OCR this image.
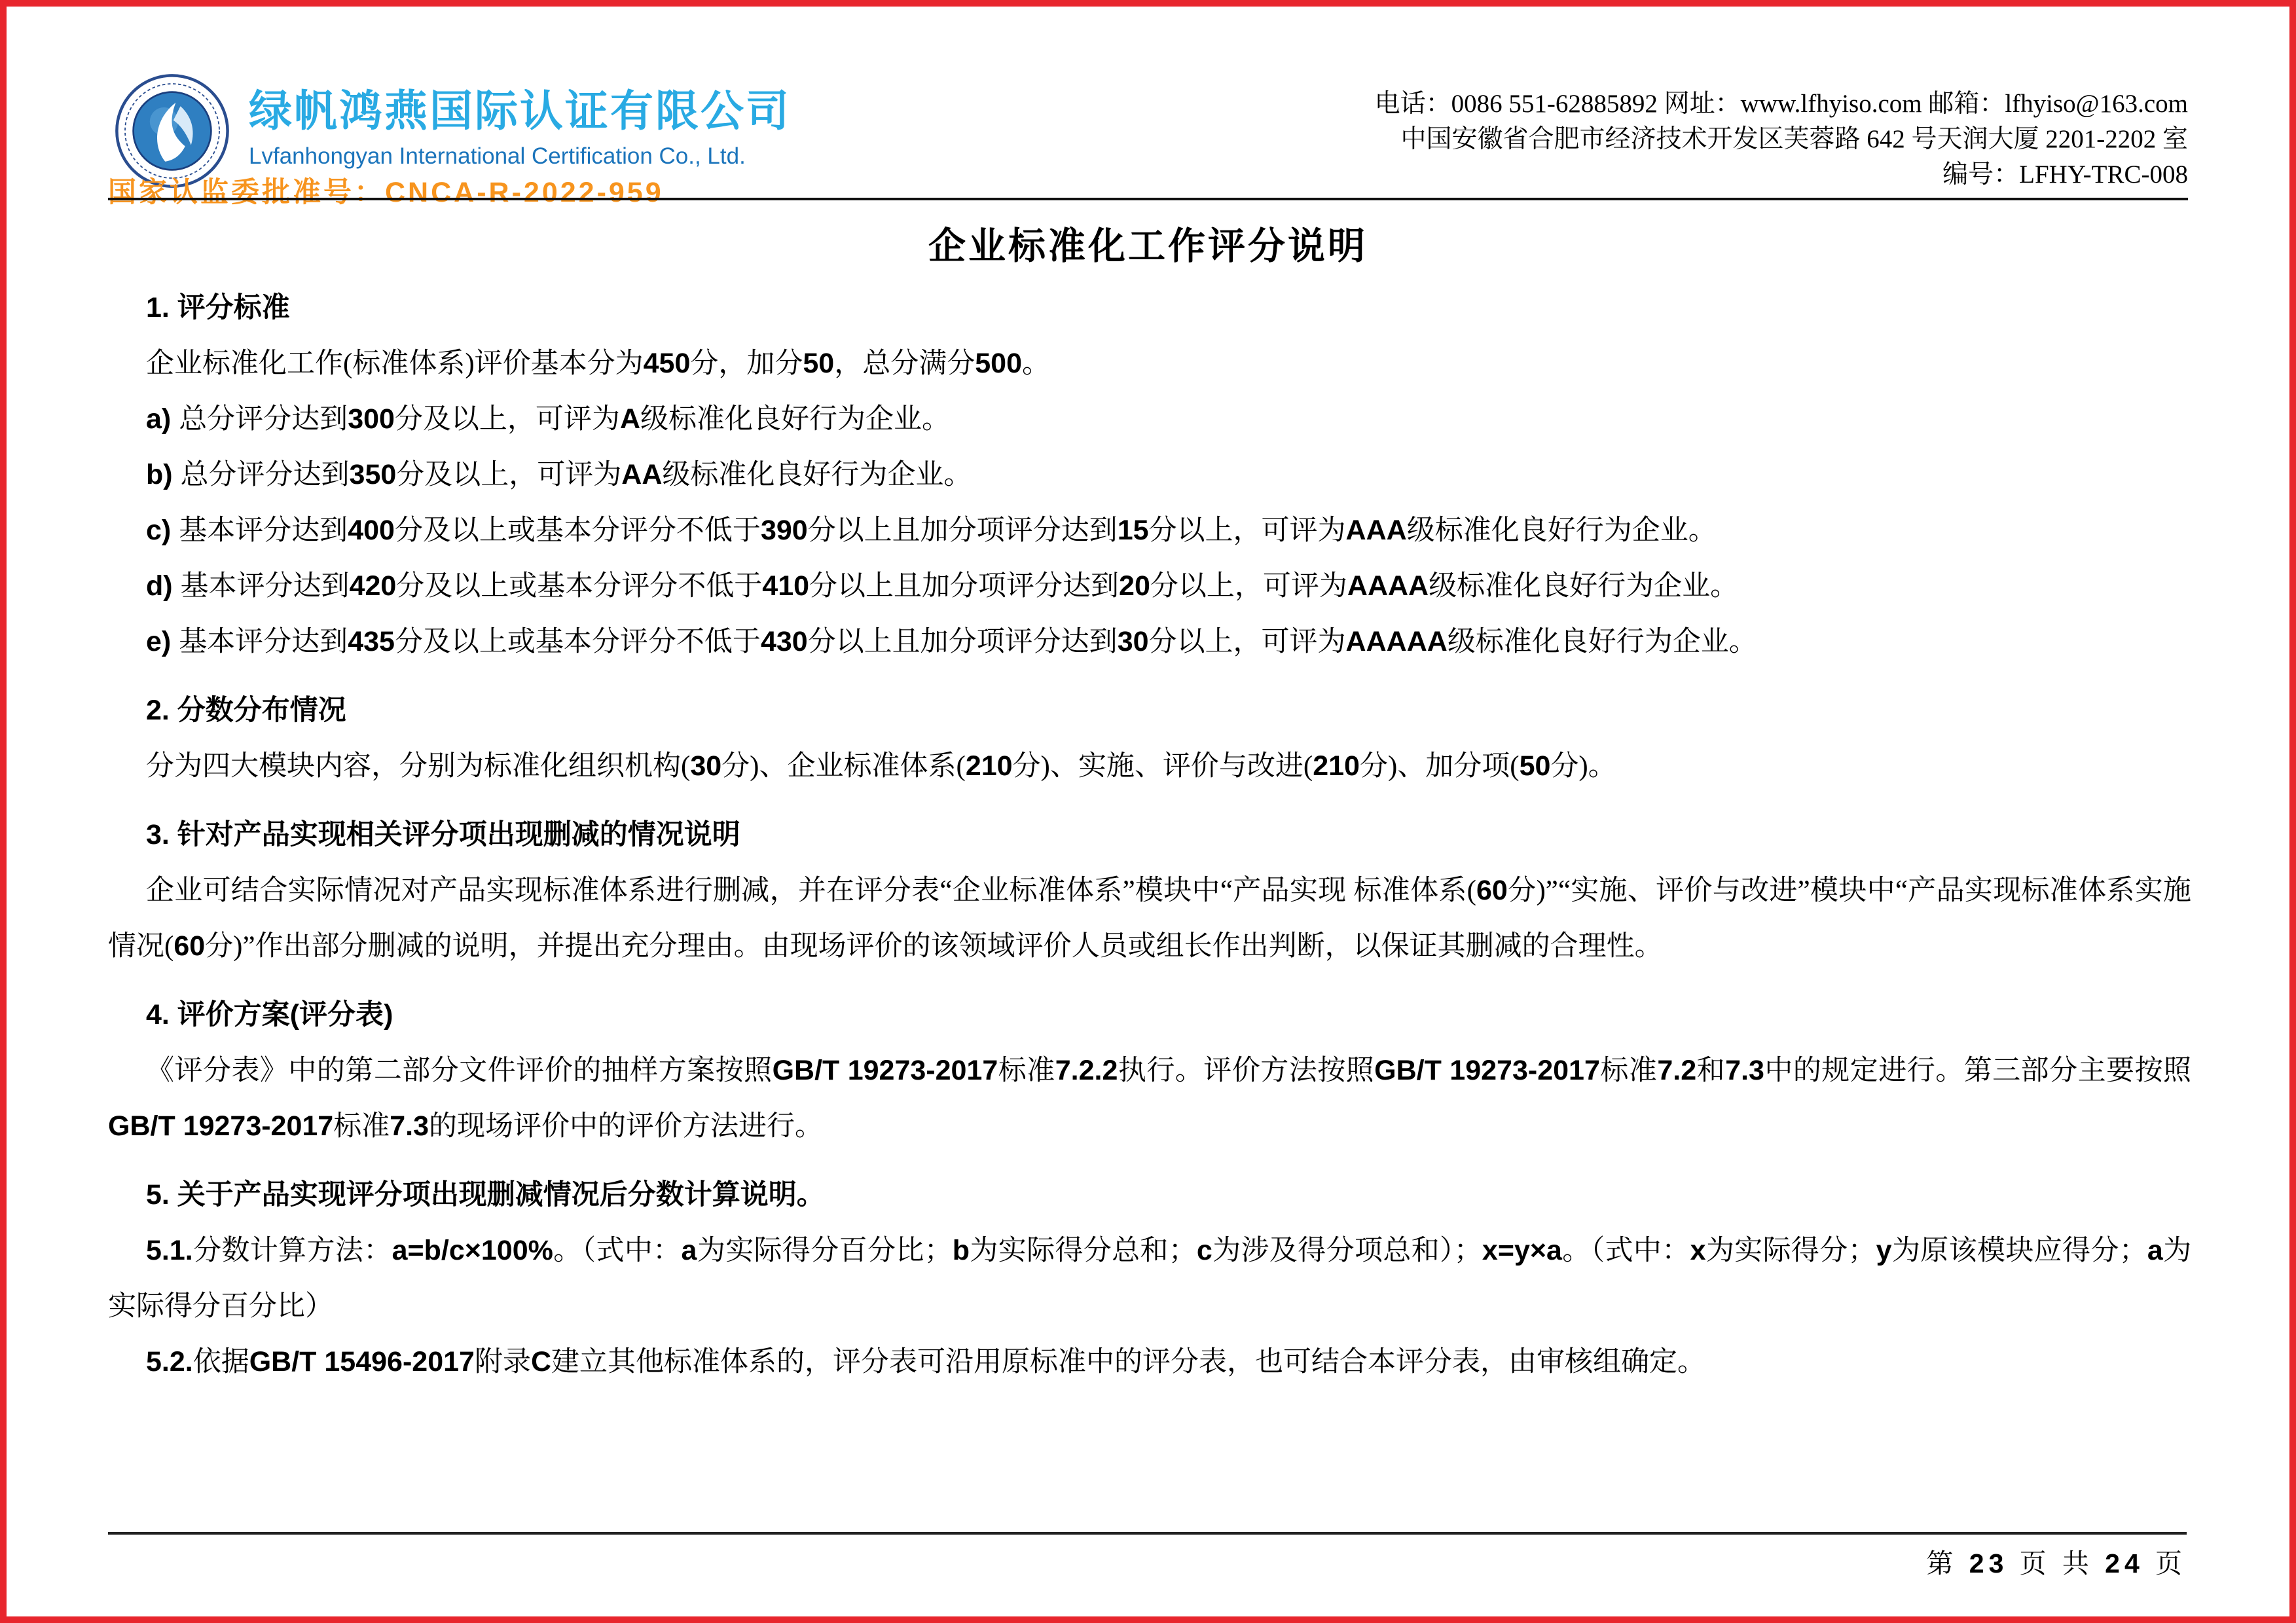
绿帆鸿燕国际认证有限公司
Lvfanhongyan International Certification Co., Ltd.
国家认监委批准号：CNCA-R-2022-959
电话：0086 551-62885892 网址：www.lfhyiso.com 邮箱：lfhyiso@163.com
中国安徽省合肥市经济技术开发区芙蓉路 642 号天润大厦 2201-2202 室
编号：LFHY-TRC-008
企业标准化工作评分说明
1. 评分标准
企业标准化工作(标准体系)评价基本分为450分，加分50，总分满分500。
a) 总分评分达到300分及以上，可评为A级标准化良好行为企业。
b) 总分评分达到350分及以上，可评为AA级标准化良好行为企业。
c) 基本评分达到400分及以上或基本分评分不低于390分以上且加分项评分达到15分以上，可评为AAA级标准化良好行为企业。
d) 基本评分达到420分及以上或基本分评分不低于410分以上且加分项评分达到20分以上，可评为AAAA级标准化良好行为企业。
e) 基本评分达到435分及以上或基本分评分不低于430分以上且加分项评分达到30分以上，可评为AAAAA级标准化良好行为企业。
2. 分数分布情况
分为四大模块内容，分别为标准化组织机构(30分)、企业标准体系(210分)、实施、评价与改进(210分)、加分项(50分)。
3. 针对产品实现相关评分项出现删减的情况说明
企业可结合实际情况对产品实现标准体系进行删减，并在评分表“企业标准体系”模块中“产品实现 标准体系(60分)”“实施、评价与改进”模块中“产品实现标准体系实施情况(60分)”作出部分删减的说明，并提出充分理由。由现场评价的该领域评价人员或组长作出判断，以保证其删减的合理性。
4. 评价方案(评分表)
《评分表》中的第二部分文件评价的抽样方案按照GB/T 19273-2017标准7.2.2执行。评价方法按照GB/T 19273-2017标准7.2和7.3中的规定进行。第三部分主要按照GB/T 19273-2017标准7.3的现场评价中的评价方法进行。
5. 关于产品实现评分项出现删减情况后分数计算说明。
5.1.分数计算方法：a=b/c×100%。（式中：a为实际得分百分比；b为实际得分总和；c为涉及得分项总和）；x=y×a。（式中：x为实际得分；y为原该模块应得分；a为实际得分百分比）
5.2.依据GB/T 15496-2017附录C建立其他标准体系的，评分表可沿用原标准中的评分表，也可结合本评分表，由审核组确定。
第 23 页 共 24 页
